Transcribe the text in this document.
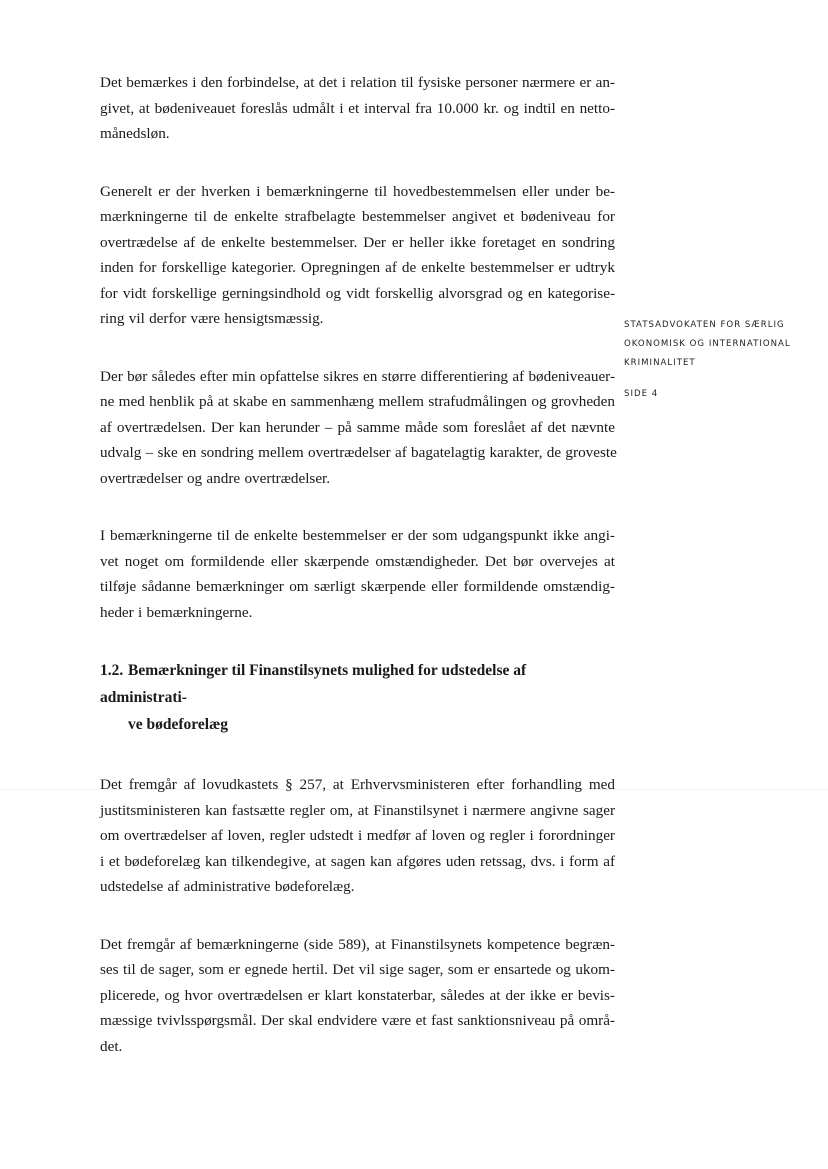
Det bemærkes i den forbindelse, at det i relation til fysiske personer nærmere er an-
givet, at bødeniveauet foreslås udmålt i et interval fra 10.000 kr. og indtil en netto-
månedsløn.

Generelt er der hverken i bemærkningerne til hovedbestemmelsen eller under be-
mærkningerne til de enkelte strafbelagte bestemmelser angivet et bødeniveau for
overtrædelse af de enkelte bestemmelser. Der er heller ikke foretaget en sondring
inden for forskellige kategorier. Opregningen af de enkelte bestemmelser er udtryk
for vidt forskellige gerningsindhold og vidt forskellig alvorsgrad og en kategorise-
ring vil derfor være hensigtsmæssig.

Der bør således efter min opfattelse sikres en større differentiering af bødeniveauer-
ne med henblik på at skabe en sammenhæng mellem strafudmålingen og grovheden
af overtrædelsen. Der kan herunder – på samme måde som foreslået af det nævnte
udvalg – ske en sondring mellem overtrædelser af bagatelagtig karakter, de groveste
overtrædelser og andre overtrædelser.

I bemærkningerne til de enkelte bestemmelser er der som udgangspunkt ikke angi-
vet noget om formildende eller skærpende omstændigheder. Det bør overvejes at
tilføje sådanne bemærkninger om særligt skærpende eller formildende omstændig-
heder i bemærkningerne.

1.2. Bemærkninger til Finanstilsynets mulighed for udstedelse af administrati-
ve bødeforelæg

Det fremgår af lovudkastets § 257, at Erhvervsministeren efter forhandling med
justitsministeren kan fastsætte regler om, at Finanstilsynet i nærmere angivne sager
om overtrædelser af loven, regler udstedt i medfør af loven og regler i forordninger
i et bødeforelæg kan tilkendegive, at sagen kan afgøres uden retssag, dvs. i form af
udstedelse af administrative bødeforelæg.

Det fremgår af bemærkningerne (side 589), at Finanstilsynets kompetence begræn-
ses til de sager, som er egnede hertil. Det vil sige sager, som er ensartede og ukom-
plicerede, og hvor overtrædelsen er klart konstaterbar, således at der ikke er bevis-
mæssige tvivlsspørgsmål. Der skal endvidere være et fast sanktionsniveau på områ-
det.

STATSADVOKATEN FOR SÆRLIG
OKONOMISK OG INTERNATIONAL
KRIMINALITET
SIDE 4
